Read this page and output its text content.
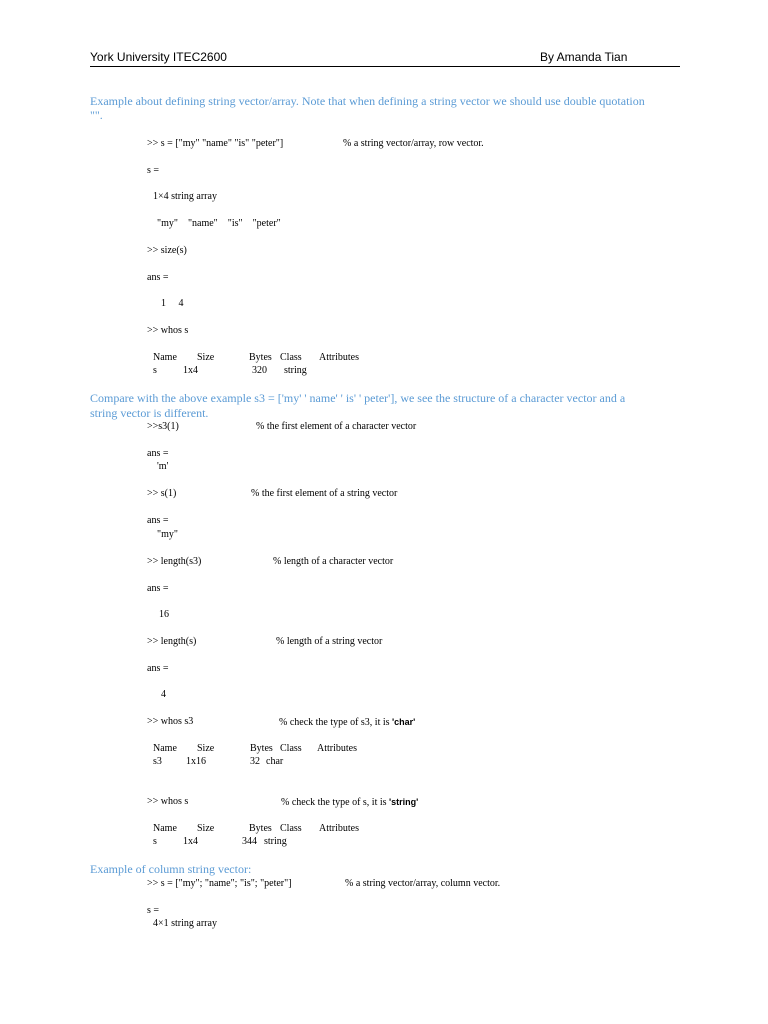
York University ITEC2600	By Amanda Tian
Example about defining string vector/array. Note that when defining a string vector we should use double quotation
"".
>> s = ["my" "name" "is" "peter"]	% a string vector/array, row vector.
s =
1×4 string array
"my"    "name"    "is"    "peter"
>> size(s)
ans =
1     4
>> whos s
Name Size	Bytes Class Attributes
s	1x4	320 string
Compare with the above example s3 = ['my' ' name' ' is' ' peter'], we see the structure of a character vector and a
string vector is different.
>>s3(1)	% the first element of a character vector
ans =
'm'
>> s(1)	% the first element of a string vector
ans =
"my"
>> length(s3)	% length of a character vector
ans =
16
>> length(s)	% length of a string vector
ans =
4
>> whos s3	% check the type of s3, it is 'char'
Name Size	Bytes Class Attributes
s3 1x16	32 char
>> whos s	% check the type of s, it is 'string'
Name Size	Bytes Class Attributes
s	1x4	344 string
Example of column string vector:
>> s = ["my"; "name"; "is"; "peter"]	% a string vector/array, column vector.
s =
4×1 string array
